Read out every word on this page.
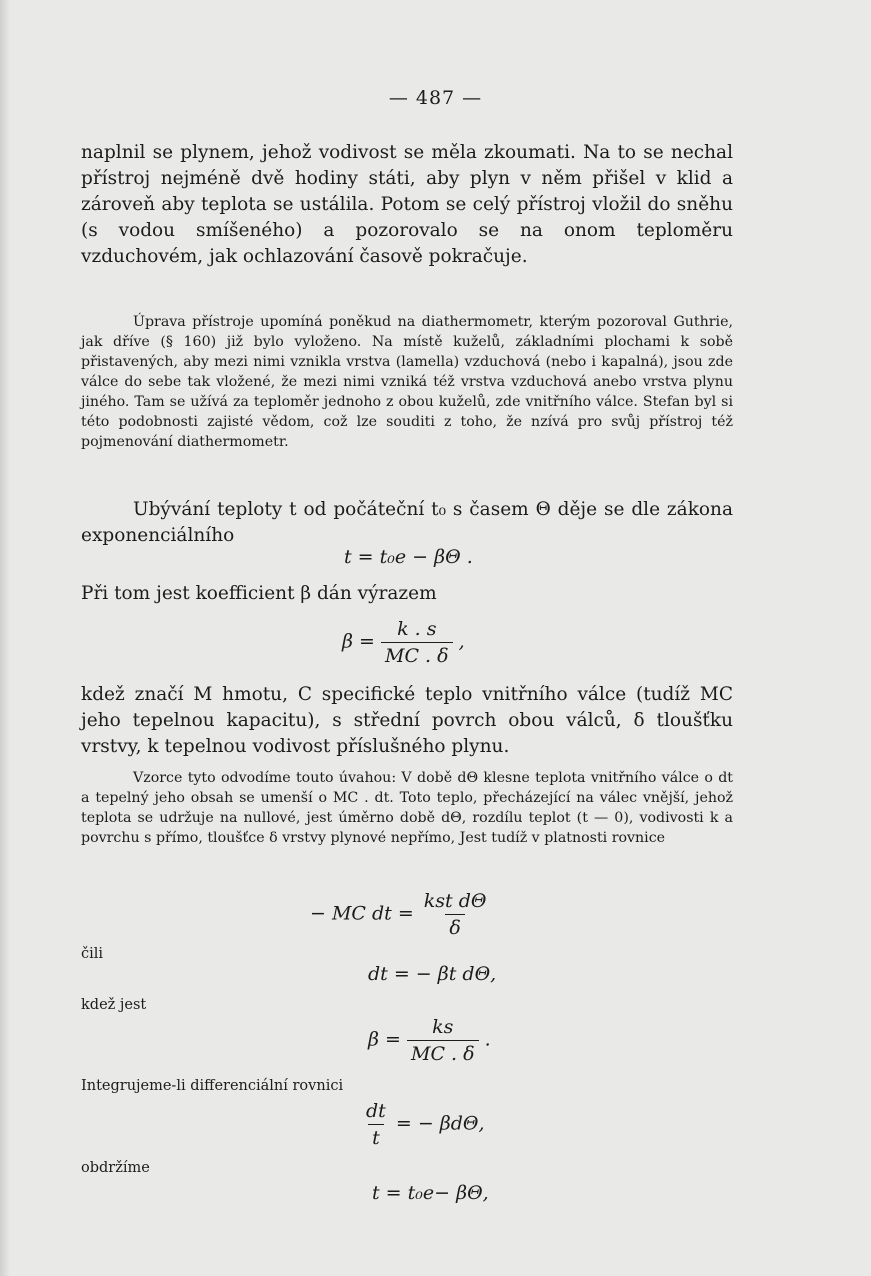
— 487 —

naplnil se plynem, jehož vodivost se měla zkoumati. Na to se nechal přístroj nejméně dvě hodiny státi, aby plyn v něm přišel v klid a zároveň aby teplota se ustálila. Potom se celý přístroj vložil do sněhu (s vodou smíšeného) a pozorovalo se na onom teploměru vzduchovém, jak ochlazování časově pokračuje.

Úprava přístroje upomíná poněkud na diathermometr, kterým pozoroval Guthrie, jak dříve (§ 160) již bylo vyloženo. Na místě kuželů, základními plochami k sobě přistavených, aby mezi nimi vznikla vrstva (lamella) vzduchová (nebo i kapalná), jsou zde válce do sebe tak vložené, že mezi nimi vzniká též vrstva vzduchová anebo vrstva plynu jiného. Tam se užívá za teploměr jednoho z obou kuželů, zde vnitřního válce. Stefan byl si této podobnosti zajisté vědom, což lze souditi z toho, že nzívá pro svůj přístroj též pojmenování diathermometr.

Ubývání teploty t od počáteční t₀ s časem Θ děje se dle zákona exponenciálního

t = t₀e − βΘ .

Při tom jest koefficient β dán výrazem

$\beta = \frac{k . s}{MC . \delta}$ ,

kdež značí M hmotu, C specifické teplo vnitřního válce (tudíž MC jeho tepelnou kapacitu), s střední povrch obou válců, δ tloušťku vrstvy, k tepelnou vodivost příslušného plynu.

Vzorce tyto odvodíme touto úvahou: V době dΘ klesne teplota vnitřního válce o dt a tepelný jeho obsah se umenší o MC . dt. Toto teplo, přecházející na válec vnější, jehož teplota se udržuje na nullové, jest úměrno době dΘ, rozdílu teplot (t — 0), vodivosti k a povrchu s přímo, tloušťce δ vrstvy plynové nepřímo, Jest tudíž v platnosti rovnice

− MC dt = $\frac{\text{kst dΘ}}{\delta}$

čili

dt = − βt dΘ,

kdež jest

$\beta = \frac{ks}{MC . \delta}$ .

Integrujeme-li differenciální rovnici

$\frac{dt}{t}$ = − βdΘ,

obdržíme

t = t₀e− βΘ,
